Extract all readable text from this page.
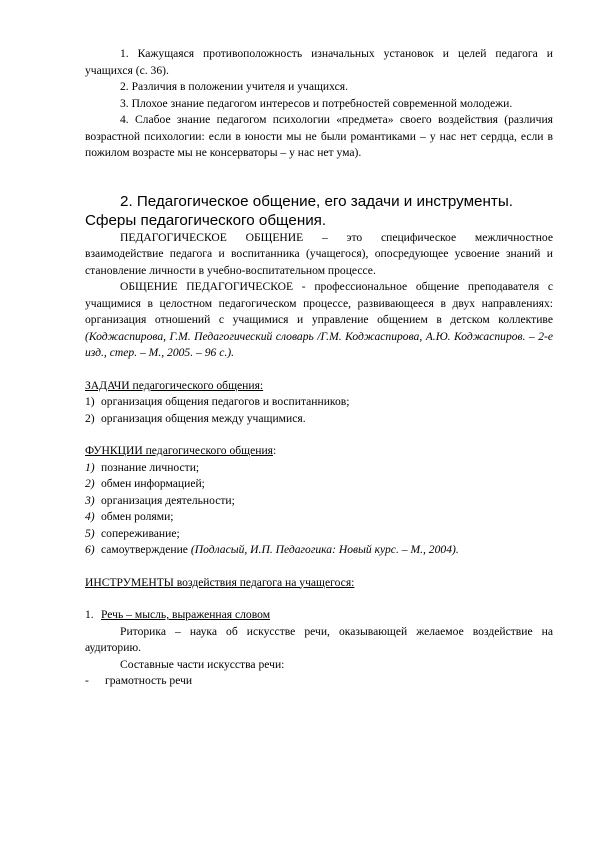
1. Кажущаяся противоположность изначальных установок и целей педагога и учащихся (с. 36).

2. Различия в положении учителя и учащихся.

3. Плохое знание педагогом интересов и потребностей современной молодежи.

4. Слабое знание педагогом психологии «предмета» своего воздействия (различия возрастной психологии: если в юности мы не были романтиками – у нас нет сердца, если в пожилом возрасте мы не консерваторы – у нас нет ума).

2. Педагогическое общение, его задачи и инструменты. Сферы педагогического общения.

ПЕДАГОГИЧЕСКОЕ ОБЩЕНИЕ – это специфическое межличностное взаимодействие педагога и воспитанника (учащегося), опосредующее усвоение знаний и становление личности в учебно-воспитательном процессе.

ОБЩЕНИЕ ПЕДАГОГИЧЕСКОЕ - профессиональное общение преподавателя с учащимися в целостном педагогическом процессе, развивающееся в двух направлениях: организация отношений с учащимися и управление общением в детском коллективе (Коджаспирова, Г.М. Педагогический словарь /Г.М. Коджаспирова, А.Ю. Коджаспиров. – 2-е изд., стер. – М., 2005. – 96 с.).

ЗАДАЧИ педагогического общения:
1) организация общения педагогов и воспитанников;
2) организация общения между учащимися.
ФУНКЦИИ педагогического общения:
1) познание личности;
2) обмен информацией;
3) организация деятельности;
4) обмен ролями;
5) сопереживание;
6) самоутверждение (Подласый, И.П. Педагогика: Новый курс. – М., 2004).
ИНСТРУМЕНТЫ воздействия педагога на учащегося:
1. Речь – мысль, выраженная словом

Риторика – наука об искусстве речи, оказывающей желаемое воздействие на аудиторию.

Составные части искусства речи:

-	грамотность речи
